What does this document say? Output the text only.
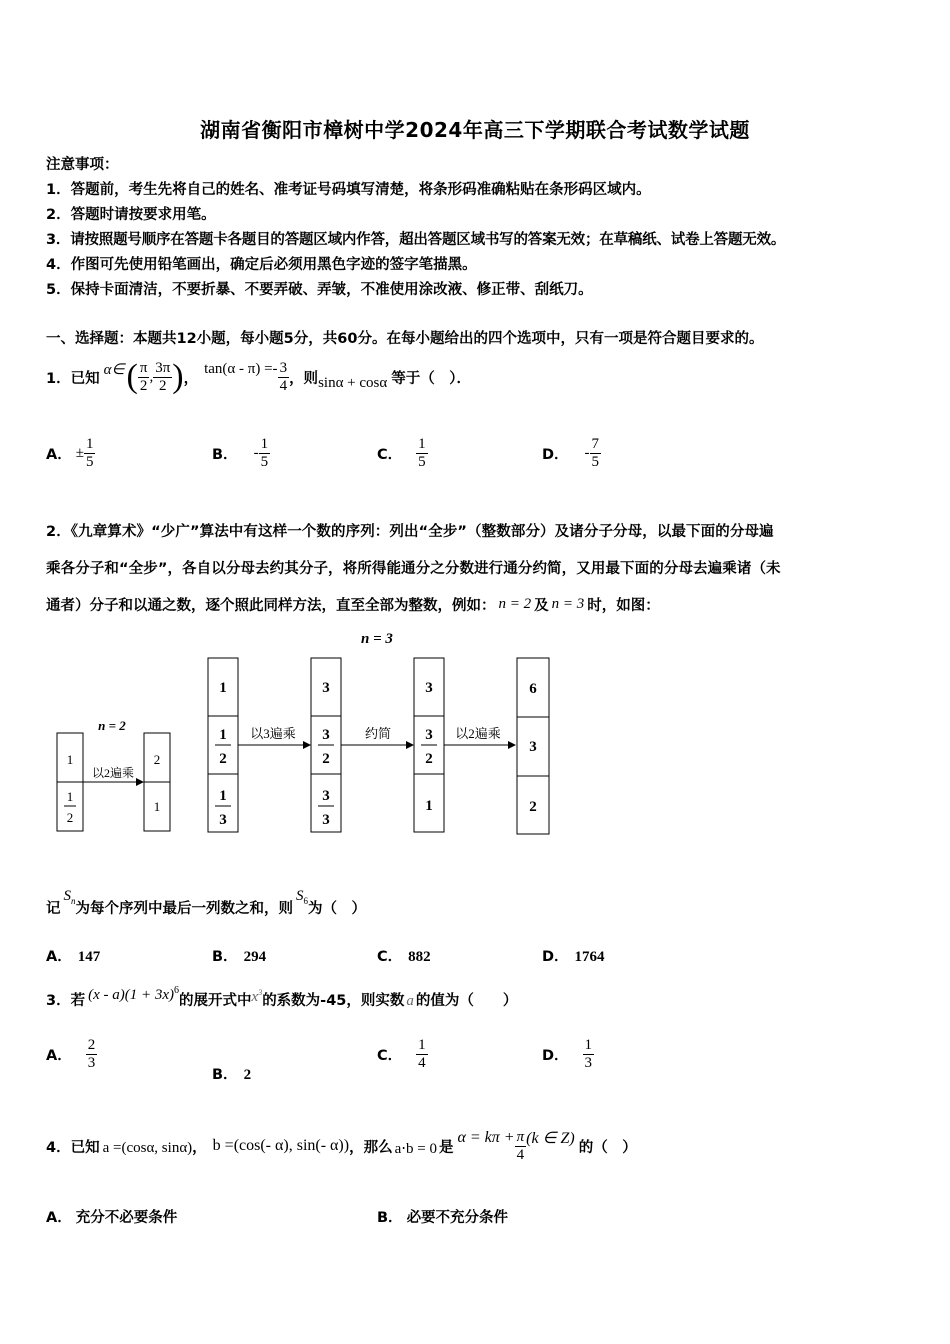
湖南省衡阳市樟树中学2024年高三下学期联合考试数学试题
注意事项：
1．答题前，考生先将自己的姓名、准考证号码填写清楚，将条形码准确粘贴在条形码区域内。
2．答题时请按要求用笔。
3．请按照题号顺序在答题卡各题目的答题区域内作答，超出答题区域书写的答案无效；在草稿纸、试卷上答题无效。
4．作图可先使用铅笔画出，确定后必须用黑色字迹的签字笔描黑。
5．保持卡面清洁，不要折暴、不要弄破、弄皱，不准使用涂改液、修正带、刮纸刀。
一、选择题：本题共12小题，每小题5分，共60分。在每小题给出的四个选项中，只有一项是符合题目要求的。
1．已知
α∈ ( $\frac{\pi}{2}$ , $\frac{3\pi}{2}$ ) ，
$\tan(\alpha - \pi) =- \frac{3}{4}$ ，则 sinα + cosα 等于（　）．
A． ± $\frac{1}{5}$	B． - $\frac{1}{5}$	C． $\frac{1}{5}$	D． - $\frac{7}{5}$
2．《九章算术》“少广”算法中有这样一个数的序列：列出“全步”（整数部分）及诸分子分母，以最下面的分母遍
乘各分子和“全步”，各自以分母去约其分子，将所得能通分之分数进行通分约简，又用最下面的分母去遍乘诸（未
通者）分子和以通之数，逐个照此同样方法，直至全部为整数，例如： n = 2 及 n = 3 时，如图：
n = 3
n = 2
1
1
2
以2遍乘
2
1
1
1
2
1
3
以3遍乘
3
3
2
3
3
约简
3
3
2
1
以2遍乘
6
3
2
记
$S_n$ 为每个序列中最后一列数之和，则
$S_6$ 为（　）
A． 147	B． 294	C． 882	D． 1764
3．若 $(x - a)(1 + 3x)^6$
的展开式中 $x^3$
的系数为-45，则实数 a 的值为（　　）
A． $\frac{2}{3}$
B． 2
C． $\frac{1}{4}$	D． $\frac{1}{3}$
4．已知 a =(cosα, sinα) ， b =(cos(- α), sin(- α)) ，那么 a⋅b = 0 是
$\alpha = k\pi + \frac{\pi}{4} (k$ ∈ Z)
的（　）
A． 充分不必要条件	B． 必要不充分条件
